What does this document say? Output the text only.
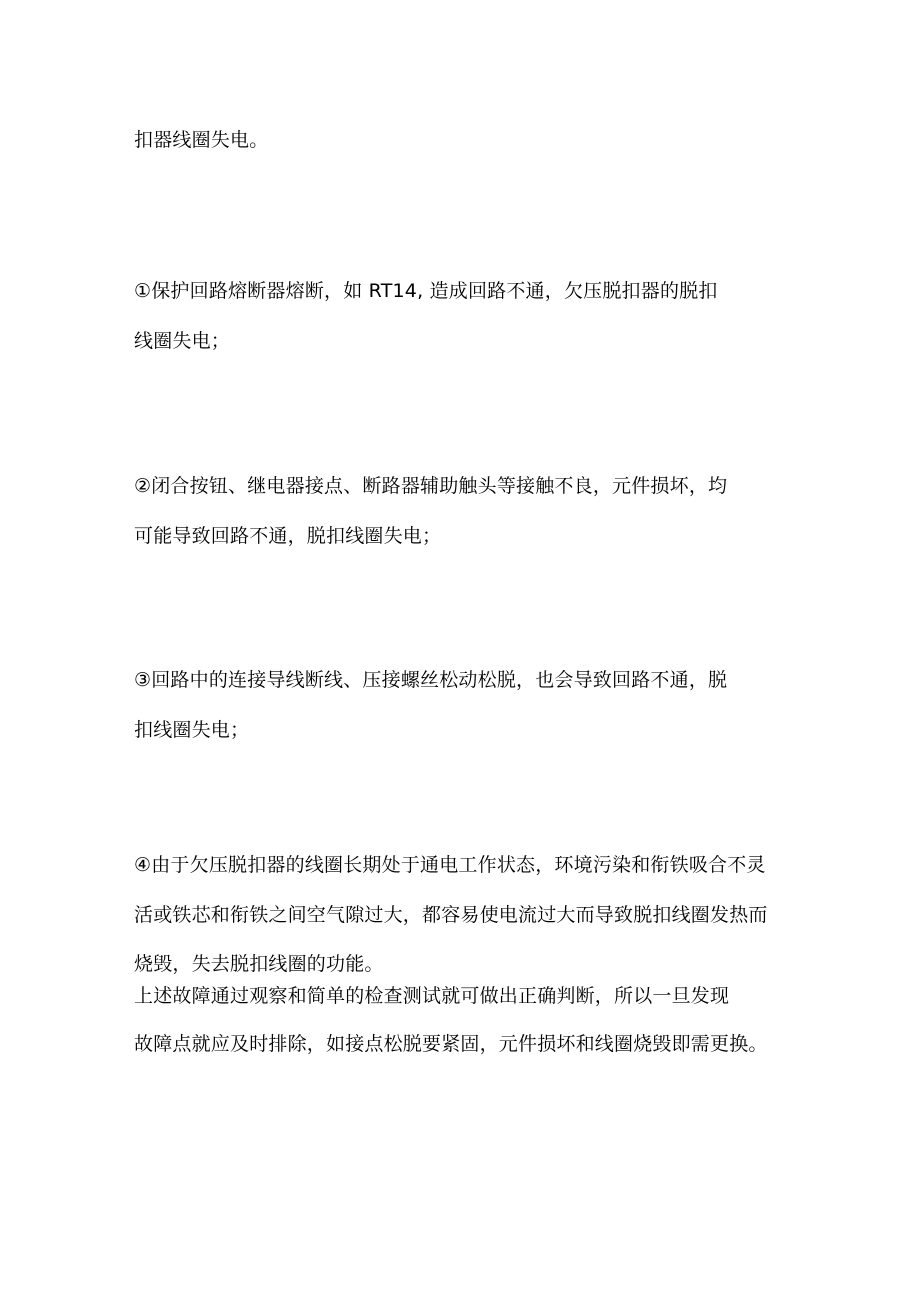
扣器线圈失电。
①保护回路熔断器熔断，如 RT14, 造成回路不通，欠压脱扣器的脱扣
线圈失电；
②闭合按钮、继电器接点、断路器辅助触头等接触不良，元件损坏，均
可能导致回路不通，脱扣线圈失电；
③回路中的连接导线断线、压接螺丝松动松脱，也会导致回路不通，脱
扣线圈失电；
④由于欠压脱扣器的线圈长期处于通电工作状态，环境污染和衔铁吸合不灵
活或铁芯和衔铁之间空气隙过大，都容易使电流过大而导致脱扣线圈发热而
烧毁，失去脱扣线圈的功能。
上述故障通过观察和简单的检查测试就可做出正确判断，所以一旦发现
故障点就应及时排除，如接点松脱要紧固，元件损坏和线圈烧毁即需更换。
